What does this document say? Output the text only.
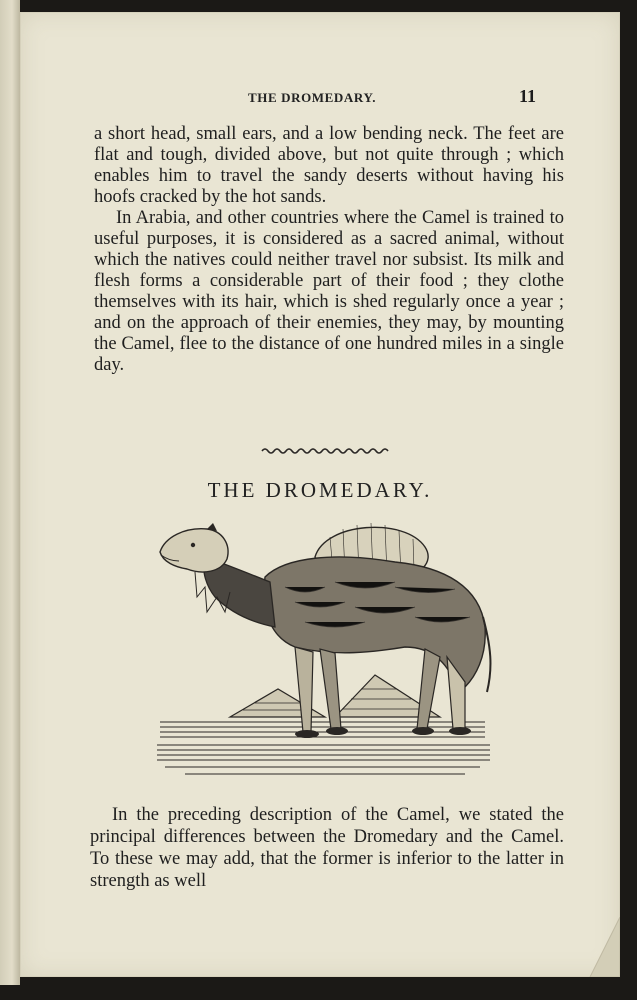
THE DROMEDARY.	11

a short head, small ears, and a low bending neck. The feet are flat and tough, divided above, but not quite through ; which enables him to travel the sandy deserts without having his hoofs cracked by the hot sands.

In Arabia, and other countries where the Camel is trained to useful purposes, it is considered as a sacred animal, without which the natives could neither travel nor subsist. Its milk and flesh forms a considerable part of their food ; they clothe themselves with its hair, which is shed regularly once a year ; and on the approach of their enemies, they may, by mounting the Camel, flee to the distance of one hundred miles in a single day.

THE DROMEDARY.

In the preceding description of the Camel, we stated the principal differences between the Dromedary and the Camel. To these we may add, that the former is inferior to the latter in strength as well
